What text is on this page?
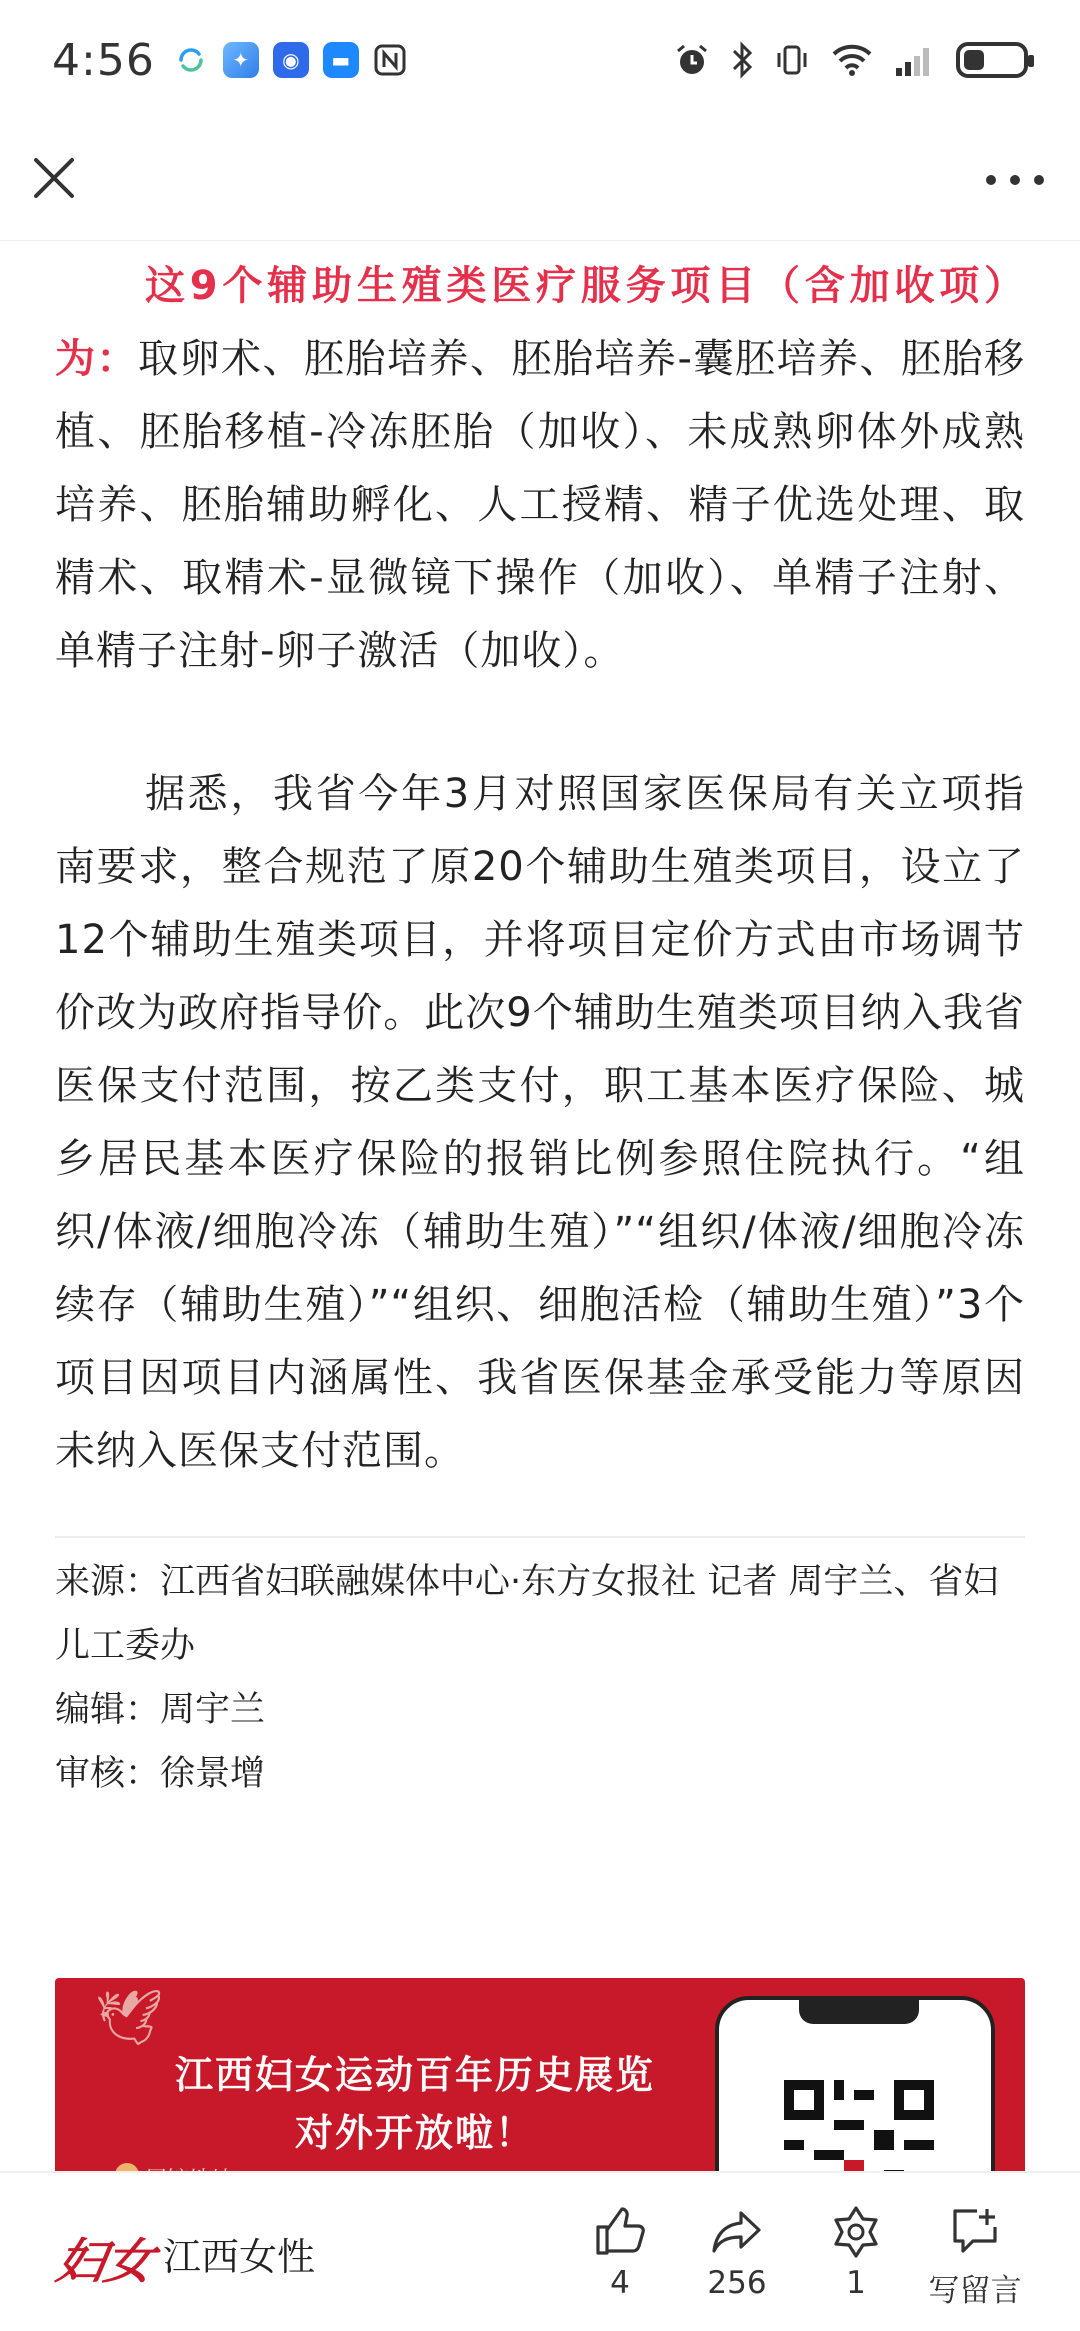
4:56	✦	◉	▬

这9个辅助生殖类医疗服务项目（含加收项）为：取卵术、胚胎培养、胚胎培养-囊胚培养、胚胎移植、胚胎移植-冷冻胚胎（加收）、未成熟卵体外成熟培养、胚胎辅助孵化、人工授精、精子优选处理、取精术、取精术-显微镜下操作（加收）、单精子注射、单精子注射-卵子激活（加收）。

据悉，我省今年3月对照国家医保局有关立项指南要求，整合规范了原20个辅助生殖类项目，设立了12个辅助生殖类项目，并将项目定价方式由市场调节价改为政府指导价。此次9个辅助生殖类项目纳入我省医保支付范围，按乙类支付，职工基本医疗保险、城乡居民基本医疗保险的报销比例参照住院执行。“组织/体液/细胞冷冻（辅助生殖）”“组织/体液/细胞冷冻续存（辅助生殖）”“组织、细胞活检（辅助生殖）”3个项目因项目内涵属性、我省医保基金承受能力等原因未纳入医保支付范围。

来源：江西省妇联融媒体中心·东方女报社 记者 周宇兰、省妇儿工委办
编辑：周宇兰
审核：徐景增
🕊
江西妇女运动百年历史展览
对外开放啦！
妇女 江西女性
4	256	1	写留言
